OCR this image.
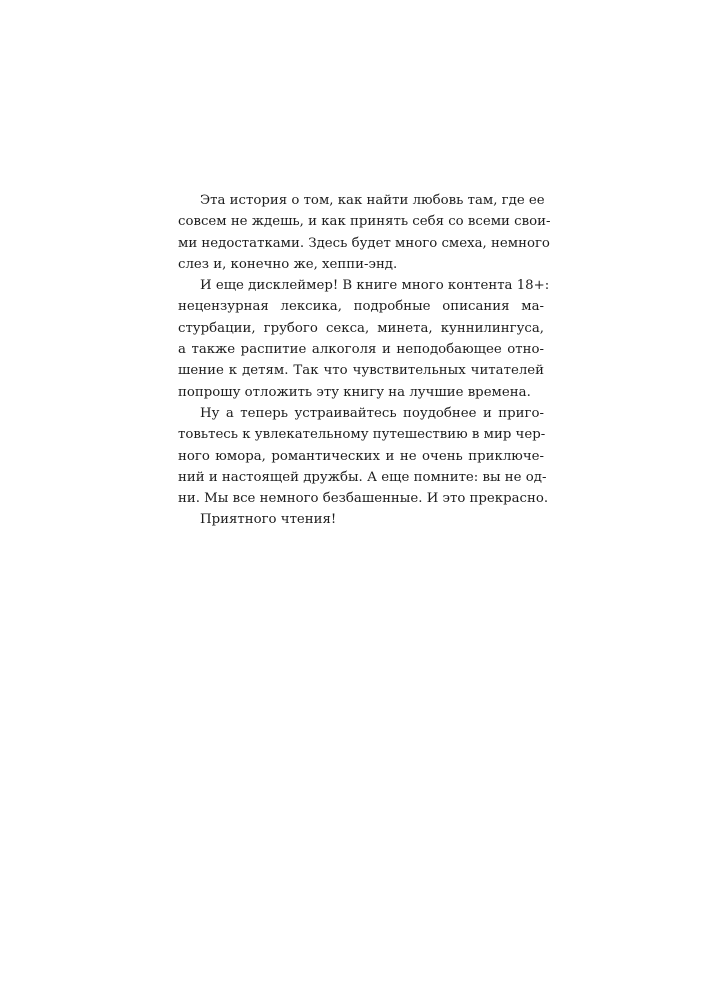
Эта история о том, как найти любовь там, где ее
совсем не ждешь, и как принять себя со всеми свои-
ми недостатками. Здесь будет много смеха, немного
слез и, конечно же, хеппи-энд.
И еще дисклеймер! В книге много контента 18+:
нецензурная лексика, подробные описания ма-
стурбации, грубого секса, минета, куннилингуса,
а также распитие алкоголя и неподобающее отно-
шение к детям. Так что чувствительных читателей
попрошу отложить эту книгу на лучшие времена.
Ну а теперь устраивайтесь поудобнее и приго-
товьтесь к увлекательному путешествию в мир чер-
ного юмора, романтических и не очень приключе-
ний и настоящей дружбы. А еще помните: вы не од-
ни. Мы все немного безбашенные. И это прекрасно.
Приятного чтения!
